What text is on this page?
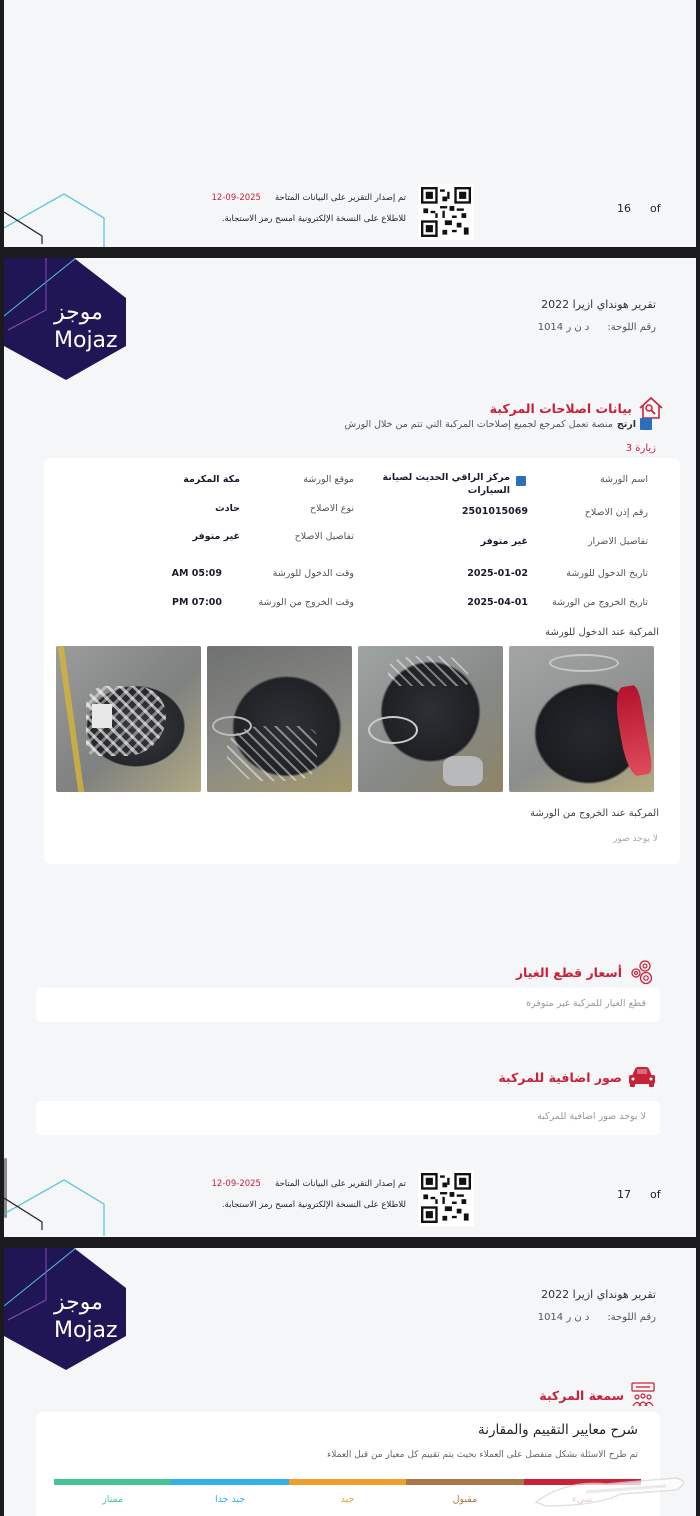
تم إصدار التقرير على البيانات المتاحة2025-09-12
للاطلاع على النسخة الإلكترونية امسح رمز الاستجابة.
16 of
موجز
Mojaz
تقرير هونداي ازيرا 2022
رقم اللوحة:د ن ر 1014
بيانات اصلاحات المركبة
ارتج
منصة تعمل كمرجع لجميع إصلاحات المركبة التي تتم من خلال الورش
زيارة 3
اسم الورشة
مركز الراقي الحديث لصيانة
السيارات
رقم إذن الاصلاح
2501015069
تفاصيل الاضرار
غير متوفر
تاريخ الدخول للورشة
2025-01-02
تاريخ الخروج من الورشة
2025-04-01
موقع الورشة
مكة المكرمة
نوع الاصلاح
حادث
تفاصيل الاصلاح
غير متوفر
وقت الدخول للورشة
05:09 AM
وقت الخروج من الورشة
07:00 PM
المركبة عند الدخول للورشة
المركبة عند الخروج من الورشة
لا يوجد صور
أسعار قطع الغيار
قطع الغيار للمركبة غير متوفرة
صور اضافية للمركبة
لا يوجد صور اضافية للمركبة
تم إصدار التقرير على البيانات المتاحة2025-09-12
للاطلاع على النسخة الإلكترونية امسح رمز الاستجابة.
17 of
موجز
Mojaz
تقرير هونداي ازيرا 2022
رقم اللوحة:د ن ر 1014
سمعة المركبة
شرح معايير التقييم والمقارنة
تم طرح الاسئلة بشكل منفصل على العملاء بحيث يتم تقييم كل معيار من قبل العملاء
مقبول
جيد
جيد جدا
ممتاز
